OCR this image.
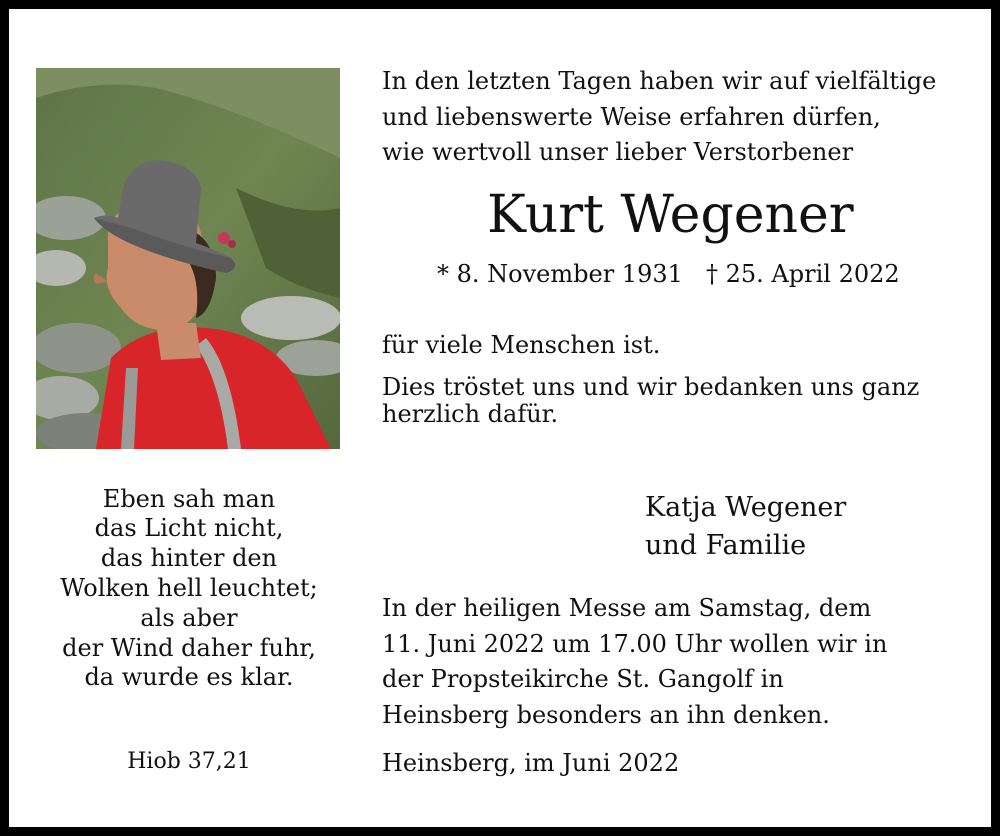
In den letzten Tagen haben wir auf vielfältige
und liebenswerte Weise erfahren dürfen,
wie wertvoll unser lieber Verstorbener
Kurt Wegener
* 8. November 1931 † 25. April 2022
für viele Menschen ist.
Dies tröstet uns und wir bedanken uns ganz
herzlich dafür.
Katja Wegener
und Familie
In der heiligen Messe am Samstag, dem
11. Juni 2022 um 17.00 Uhr wollen wir in
der Propsteikirche St. Gangolf in
Heinsberg besonders an ihn denken.
Heinsberg, im Juni 2022
Eben sah man
das Licht nicht,
das hinter den
Wolken hell leuchtet;
als aber
der Wind daher fuhr,
da wurde es klar.
Hiob 37,21
